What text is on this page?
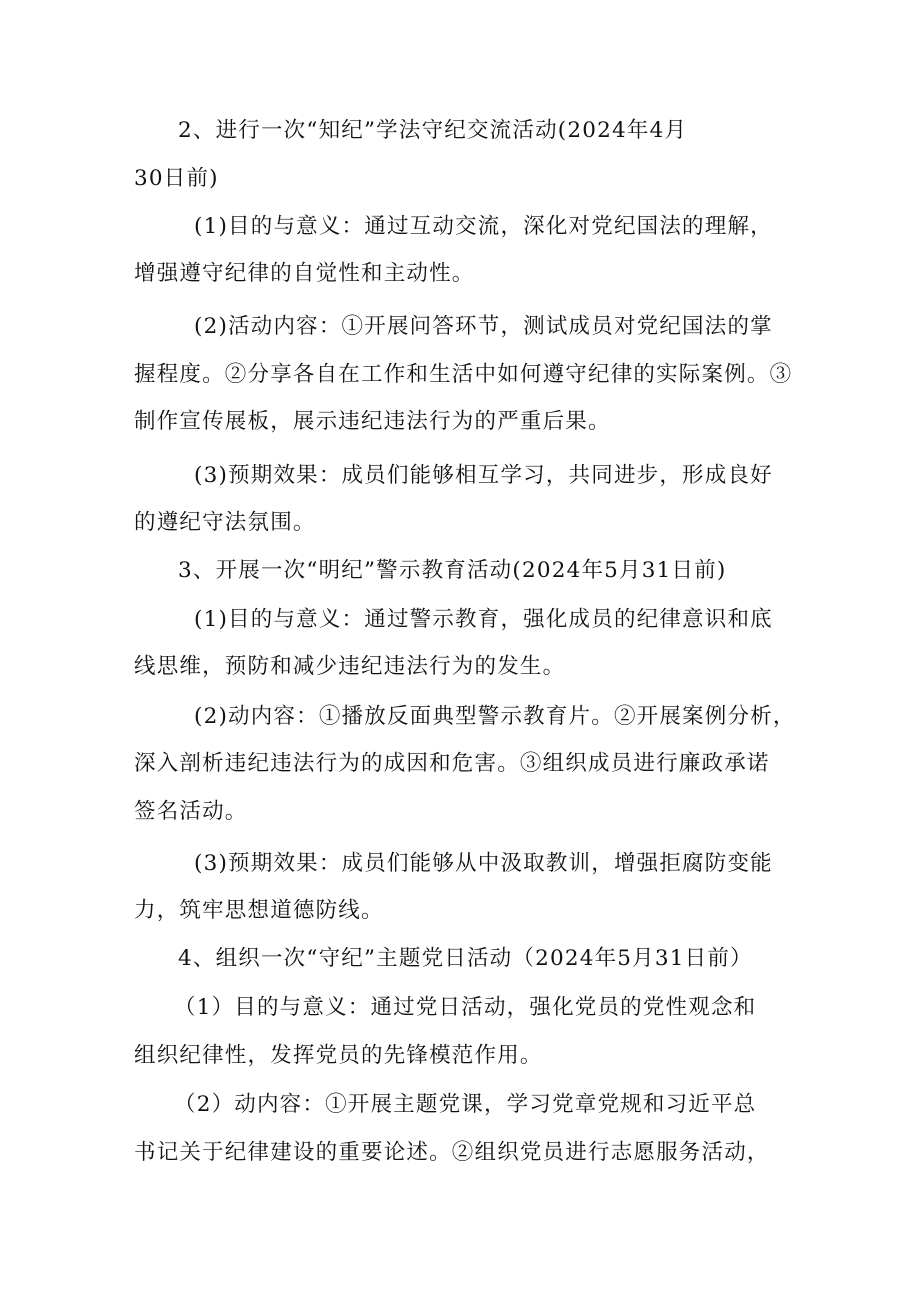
2、进行一次“知纪”学法守纪交流活动(2024年4月
30日前)
(1)目的与意义：通过互动交流，深化对党纪国法的理解，
增强遵守纪律的自觉性和主动性。
(2)活动内容：①开展问答环节，测试成员对党纪国法的掌
握程度。②分享各自在工作和生活中如何遵守纪律的实际案例。③
制作宣传展板，展示违纪违法行为的严重后果。
(3)预期效果：成员们能够相互学习，共同进步，形成良好
的遵纪守法氛围。
3、开展一次“明纪”警示教育活动(2024年5月31日前)
(1)目的与意义：通过警示教育，强化成员的纪律意识和底
线思维，预防和减少违纪违法行为的发生。
(2)动内容：①播放反面典型警示教育片。②开展案例分析，
深入剖析违纪违法行为的成因和危害。③组织成员进行廉政承诺
签名活动。
(3)预期效果：成员们能够从中汲取教训，增强拒腐防变能
力，筑牢思想道德防线。
4、组织一次“守纪”主题党日活动（2024年5月31日前）
（1）目的与意义：通过党日活动，强化党员的党性观念和
组织纪律性，发挥党员的先锋模范作用。
（2）动内容：①开展主题党课，学习党章党规和习近平总
书记关于纪律建设的重要论述。②组织党员进行志愿服务活动，
